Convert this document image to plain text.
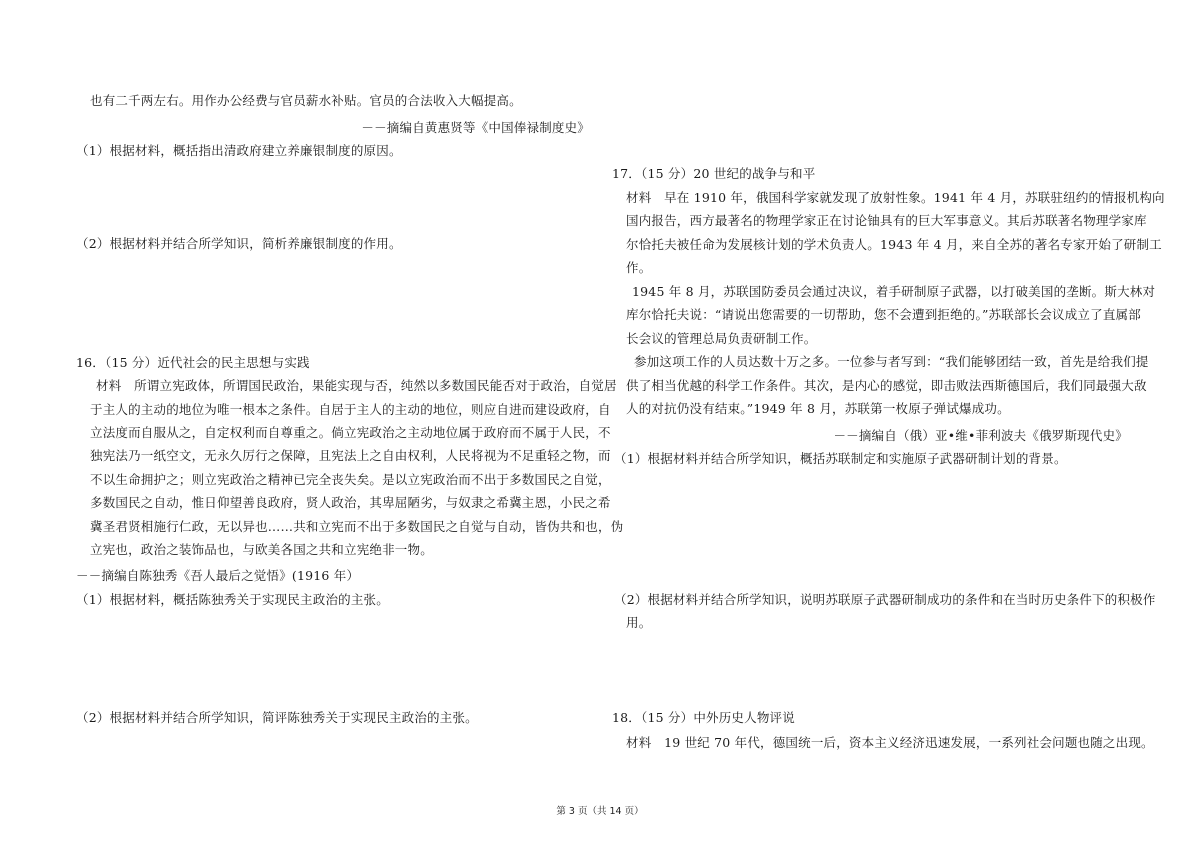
也有二千两左右。用作办公经费与官员薪水补贴。官员的合法收入大幅提高。
－－摘编自黄惠贤等《中国俸禄制度史》
（1）根据材料，概括指出清政府建立养廉银制度的原因。
（2）根据材料并结合所学知识，简析养廉银制度的作用。
16．（15 分）近代社会的民主思想与实践
材料　所谓立宪政体，所谓国民政治，果能实现与否，纯然以多数国民能否对于政治，自觉居
于主人的主动的地位为唯一根本之条件。自居于主人的主动的地位，则应自进而建设政府，自
立法度而自服从之，自定权利而自尊重之。倘立宪政治之主动地位属于政府而不属于人民，不
独宪法乃一纸空文，无永久厉行之保障，且宪法上之自由权利，人民将视为不足重轻之物，而
不以生命拥护之；则立宪政治之精神已完全丧失矣。是以立宪政治而不出于多数国民之自觉，
多数国民之自动，惟日仰望善良政府，贤人政治，其卑屈陋劣，与奴隶之希冀主恩，小民之希
冀圣君贤相施行仁政，无以异也……共和立宪而不出于多数国民之自觉与自动，皆伪共和也，伪
立宪也，政治之装饰品也，与欧美各国之共和立宪绝非一物。
－－摘编自陈独秀《吾人最后之觉悟》(1916 年）
（1）根据材料，概括陈独秀关于实现民主政治的主张。
（2）根据材料并结合所学知识，简评陈独秀关于实现民主政治的主张。
17．（15 分）20 世纪的战争与和平
材料　早在 1910 年，俄国科学家就发现了放射性象。1941 年 4 月，苏联驻纽约的情报机构向
国内报告，西方最著名的物理学家正在讨论铀具有的巨大军事意义。其后苏联著名物理学家库
尔恰托夫被任命为发展核计划的学术负责人。1943 年 4 月，来自全苏的著名专家开始了研制工
作。
1945 年 8 月，苏联国防委员会通过决议，着手研制原子武器，以打破美国的垄断。斯大林对
库尔恰托夫说：“请说出您需要的一切帮助，您不会遭到拒绝的。”苏联部长会议成立了直属部
长会议的管理总局负责研制工作。
参加这项工作的人员达数十万之多。一位参与者写到：“我们能够团结一致，首先是给我们提
供了相当优越的科学工作条件。其次，是内心的感觉，即击败法西斯德国后，我们同最强大敌
人的对抗仍没有结束。”1949 年 8 月，苏联第一枚原子弹试爆成功。
－－摘编自（俄）亚•维•菲利波夫《俄罗斯现代史》
（1）根据材料并结合所学知识，概括苏联制定和实施原子武器研制计划的背景。
（2）根据材料并结合所学知识，说明苏联原子武器研制成功的条件和在当时历史条件下的积极作
用。
18．（15 分）中外历史人物评说
材料　19 世纪 70 年代，德国统一后，资本主义经济迅速发展，一系列社会问题也随之出现。
第 3 页（共 14 页）
